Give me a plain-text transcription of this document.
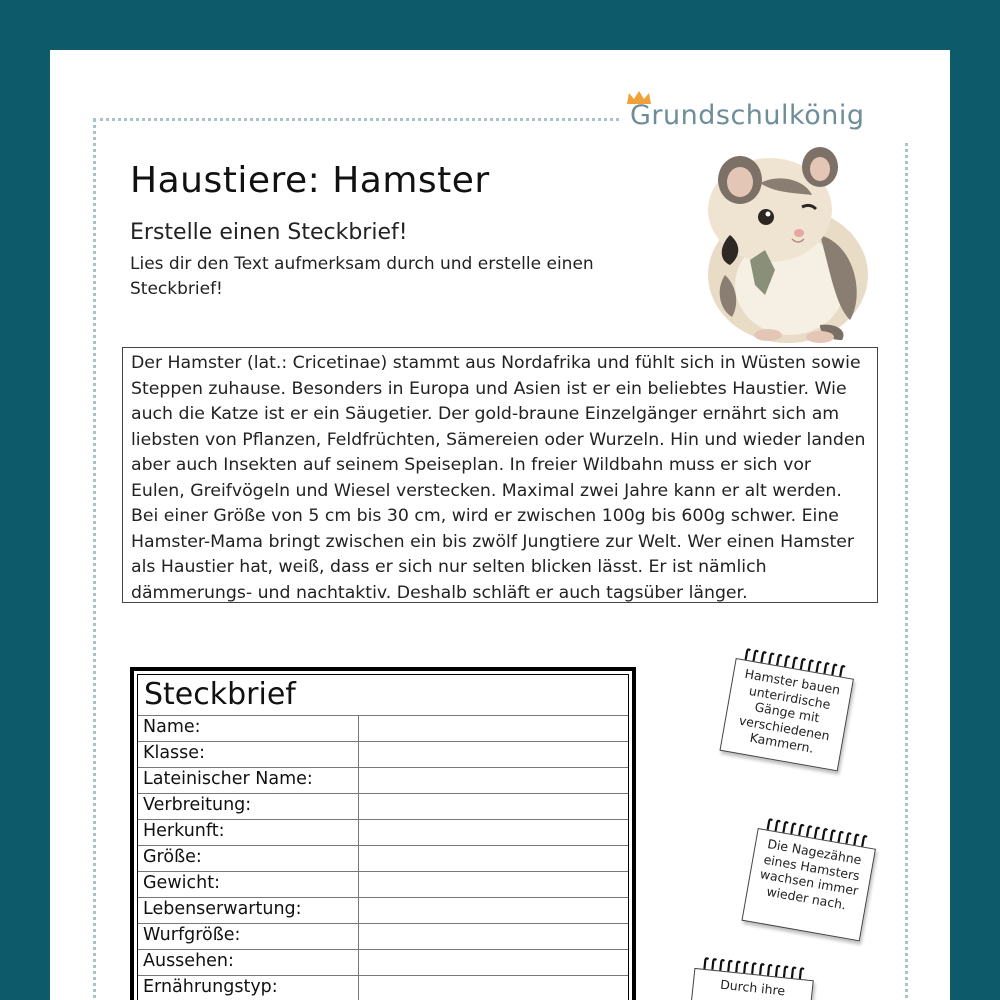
Grundschulkönig
Haustiere: Hamster
Erstelle einen Steckbrief!
Lies dir den Text aufmerksam durch und erstelle einen Steckbrief!
Der Hamster (lat.: Cricetinae) stammt aus Nordafrika und fühlt sich in Wüsten sowie Steppen zuhause. Besonders in Europa und Asien ist er ein beliebtes Haustier. Wie auch die Katze ist er ein Säugetier. Der gold-braune Einzelgänger ernährt sich am liebsten von Pflanzen, Feldfrüchten, Sämereien oder Wurzeln. Hin und wieder landen aber auch Insekten auf seinem Speiseplan. In freier Wildbahn muss er sich vor Eulen, Greifvögeln und Wiesel verstecken. Maximal zwei Jahre kann er alt werden. Bei einer Größe von 5 cm bis 30 cm, wird er zwischen 100g bis 600g schwer. Eine Hamster-Mama bringt zwischen ein bis zwölf Jungtiere zur Welt. Wer einen Hamster als Haustier hat, weiß, dass er sich nur selten blicken lässt. Er ist nämlich dämmerungs- und nachtaktiv. Deshalb schläft er auch tagsüber länger.
Steckbrief
Name:
Klasse:
Lateinischer Name:
Verbreitung:
Herkunft:
Größe:
Gewicht:
Lebenserwartung:
Wurfgröße:
Aussehen:
Ernährungstyp:
Hamster bauen unterirdische Gänge mit verschiedenen Kammern.
Die Nagezähne eines Hamsters wachsen immer wieder nach.
Durch ihre
